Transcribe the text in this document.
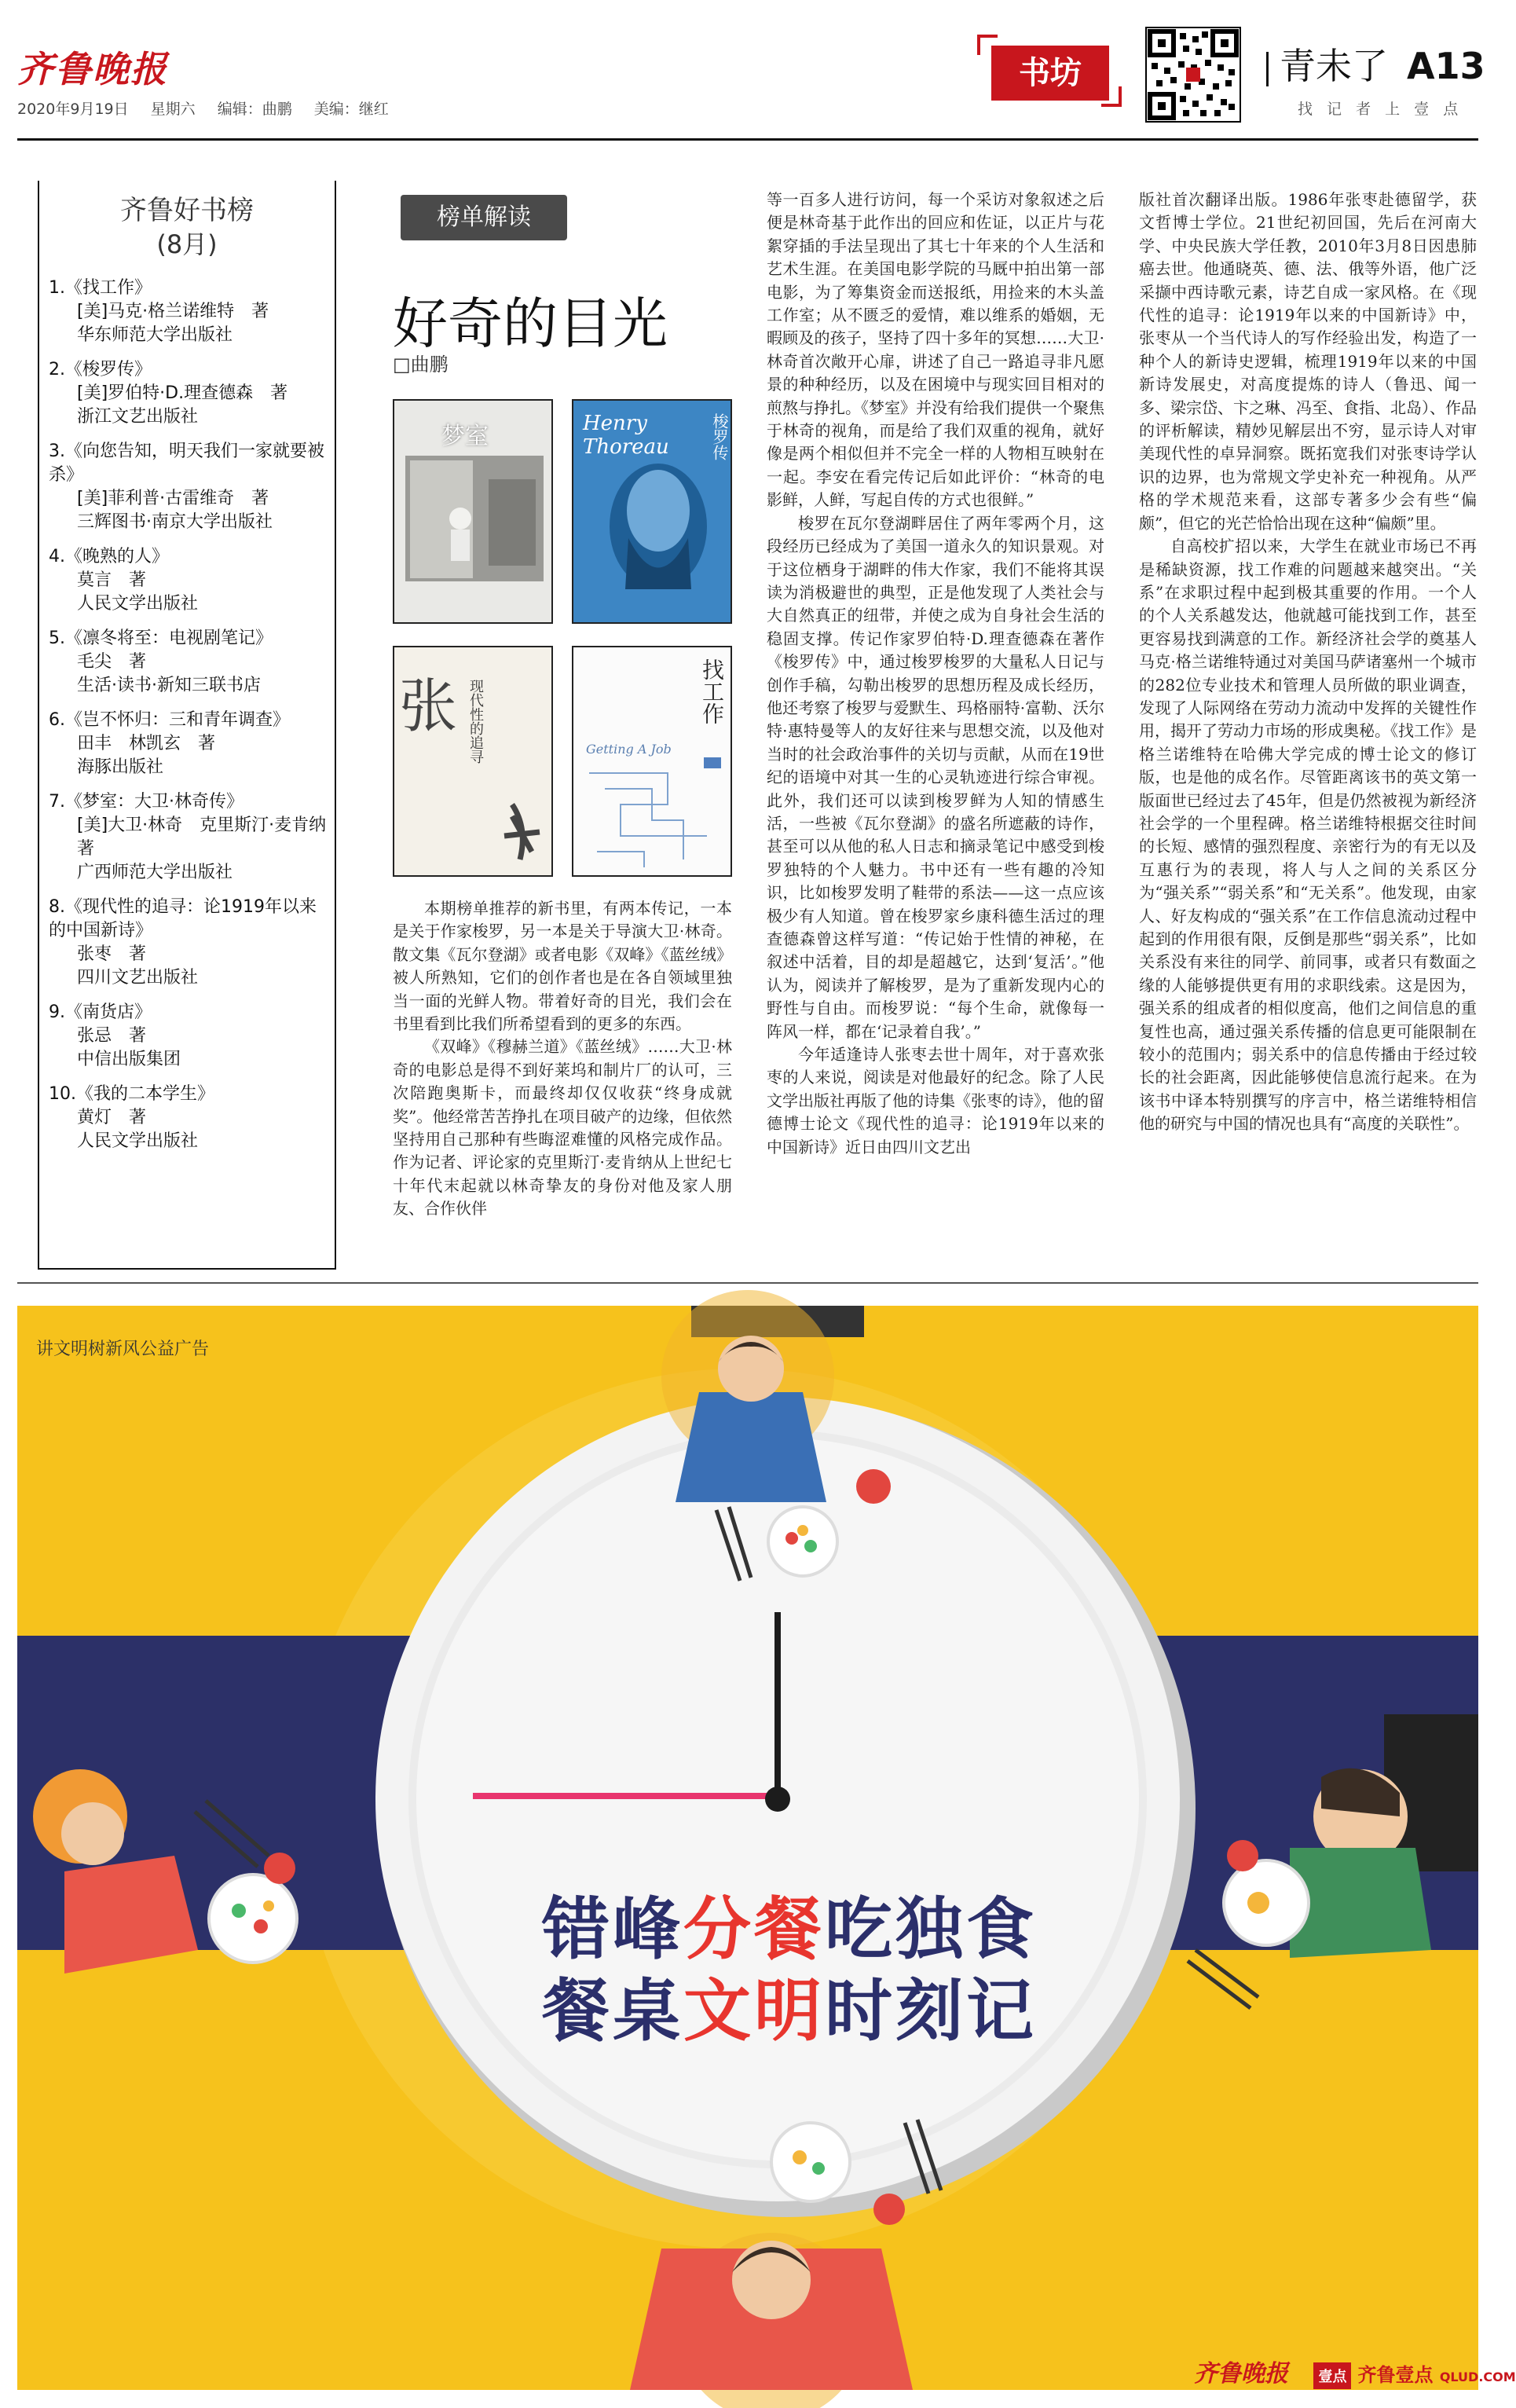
齐鲁晚报
2020年9月19日 星期六 编辑：曲鹏 美编：继红
书坊	青未了 A13
找 记 者 上 壹 点
齐鲁好书榜
(8月)
1.《找工作》
[美]马克·格兰诺维特　著
华东师范大学出版社
2.《梭罗传》
[美]罗伯特·D.理查德森　著
浙江文艺出版社
3.《向您告知，明天我们一家就要被杀》
[美]菲利普·古雷维奇　著
三辉图书·南京大学出版社
4.《晚熟的人》
莫言　著
人民文学出版社
5.《凛冬将至：电视剧笔记》
毛尖　著
生活·读书·新知三联书店
6.《岂不怀归：三和青年调查》
田丰　林凯玄　著
海豚出版社
7.《梦室：大卫·林奇传》
[美]大卫·林奇　克里斯汀·麦肯纳　著
广西师范大学出版社
8.《现代性的追寻：论1919年以来的中国新诗》
张枣　著
四川文艺出版社
9.《南货店》
张忌　著
中信出版集团
10.《我的二本学生》
黄灯　著
人民文学出版社
榜单解读
好奇的目光
□曲鹏
梦室	Henry Thoreau	梭罗传
张 现代性的追寻	找工作
Getting A Job

本期榜单推荐的新书里，有两本传记，一本是关于作家梭罗，另一本是关于导演大卫·林奇。散文集《瓦尔登湖》或者电影《双峰》《蓝丝绒》被人所熟知，它们的创作者也是在各自领域里独当一面的光鲜人物。带着好奇的目光，我们会在书里看到比我们所希望看到的更多的东西。

《双峰》《穆赫兰道》《蓝丝绒》……大卫·林奇的电影总是得不到好莱坞和制片厂的认可，三次陪跑奥斯卡，而最终却仅仅收获“终身成就奖”。他经常苦苦挣扎在项目破产的边缘，但依然坚持用自己那种有些晦涩难懂的风格完成作品。作为记者、评论家的克里斯汀·麦肯纳从上世纪七十年代末起就以林奇挚友的身份对他及家人朋友、合作伙伴

等一百多人进行访问，每一个采访对象叙述之后便是林奇基于此作出的回应和佐证，以正片与花絮穿插的手法呈现出了其七十年来的个人生活和艺术生涯。在美国电影学院的马厩中拍出第一部电影，为了筹集资金而送报纸，用捡来的木头盖工作室；从不匮乏的爱情，难以维系的婚姻，无暇顾及的孩子，坚持了四十多年的冥想……大卫·林奇首次敞开心扉，讲述了自己一路追寻非凡愿景的种种经历，以及在困境中与现实回目相对的煎熬与挣扎。《梦室》并没有给我们提供一个聚焦于林奇的视角，而是给了我们双重的视角，就好像是两个相似但并不完全一样的人物相互映射在一起。李安在看完传记后如此评价：“林奇的电影鲜，人鲜，写起自传的方式也很鲜。”

梭罗在瓦尔登湖畔居住了两年零两个月，这段经历已经成为了美国一道永久的知识景观。对于这位栖身于湖畔的伟大作家，我们不能将其误读为消极避世的典型，正是他发现了人类社会与大自然真正的纽带，并使之成为自身社会生活的稳固支撑。传记作家罗伯特·D.理查德森在著作《梭罗传》中，通过梭罗梭罗的大量私人日记与创作手稿，勾勒出梭罗的思想历程及成长经历，他还考察了梭罗与爱默生、玛格丽特·富勒、沃尔特·惠特曼等人的友好往来与思想交流，以及他对当时的社会政治事件的关切与贡献，从而在19世纪的语境中对其一生的心灵轨迹进行综合审视。此外，我们还可以读到梭罗鲜为人知的情感生活，一些被《瓦尔登湖》的盛名所遮蔽的诗作，甚至可以从他的私人日志和摘录笔记中感受到梭罗独特的个人魅力。书中还有一些有趣的冷知识，比如梭罗发明了鞋带的系法——这一点应该极少有人知道。曾在梭罗家乡康科德生活过的理查德森曾这样写道：“传记始于性情的神秘，在叙述中活着，目的却是超越它，达到‘复活’。”他认为，阅读并了解梭罗，是为了重新发现内心的野性与自由。而梭罗说：“每个生命，就像每一阵风一样，都在‘记录着自我’。”

今年适逢诗人张枣去世十周年，对于喜欢张枣的人来说，阅读是对他最好的纪念。除了人民文学出版社再版了他的诗集《张枣的诗》，他的留德博士论文《现代性的追寻：论1919年以来的中国新诗》近日由四川文艺出

版社首次翻译出版。1986年张枣赴德留学，获文哲博士学位。21世纪初回国，先后在河南大学、中央民族大学任教，2010年3月8日因患肺癌去世。他通晓英、德、法、俄等外语，他广泛采撷中西诗歌元素，诗艺自成一家风格。在《现代性的追寻：论1919年以来的中国新诗》中，张枣从一个当代诗人的写作经验出发，构造了一种个人的新诗史逻辑，梳理1919年以来的中国新诗发展史，对高度提炼的诗人（鲁迅、闻一多、梁宗岱、卞之琳、冯至、食指、北岛）、作品的评析解读，精妙见解层出不穷，显示诗人对审美现代性的卓异洞察。既拓宽我们对张枣诗学认识的边界，也为常规文学史补充一种视角。从严格的学术规范来看，这部专著多少会有些“偏颇”，但它的光芒恰恰出现在这种“偏颇”里。

自高校扩招以来，大学生在就业市场已不再是稀缺资源，找工作难的问题越来越突出。“关系”在求职过程中起到极其重要的作用。一个人的个人关系越发达，他就越可能找到工作，甚至更容易找到满意的工作。新经济社会学的奠基人马克·格兰诺维特通过对美国马萨诸塞州一个城市的282位专业技术和管理人员所做的职业调查，发现了人际网络在劳动力流动中发挥的关键性作用，揭开了劳动力市场的形成奥秘。《找工作》是格兰诺维特在哈佛大学完成的博士论文的修订版，也是他的成名作。尽管距离该书的英文第一版面世已经过去了45年，但是仍然被视为新经济社会学的一个里程碑。格兰诺维特根据交往时间的长短、感情的强烈程度、亲密行为的有无以及互惠行为的表现，将人与人之间的关系区分为“强关系”“弱关系”和“无关系”。他发现，由家人、好友构成的“强关系”在工作信息流动过程中起到的作用很有限，反倒是那些“弱关系”，比如关系没有来往的同学、前同事，或者只有数面之缘的人能够提供更有用的求职线索。这是因为，强关系的组成者的相似度高，他们之间信息的重复性也高，通过强关系传播的信息更可能限制在较小的范围内；弱关系中的信息传播由于经过较长的社会距离，因此能够使信息流行起来。在为该书中译本特别撰写的序言中，格兰诺维特相信他的研究与中国的情况也具有“高度的关联性”。

讲文明树新风公益广告
错峰分餐吃独食
餐桌文明时刻记
齐鲁晚报 壹点 齐鲁壹点 QLUD.COM
